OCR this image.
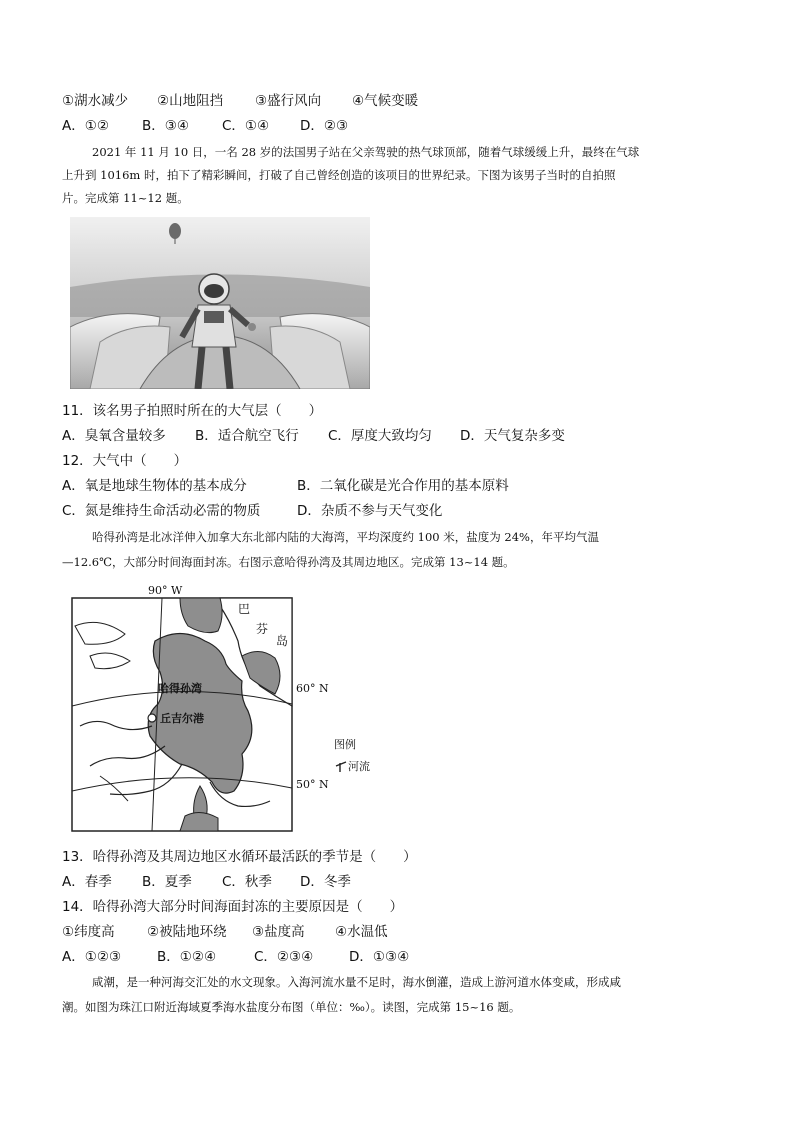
①湖水减少 ②山地阻挡 ③盛行风向 ④气候变暖
A．①② B．③④ C．①④ D．②③
2021 年 11 月 10 日，一名 28 岁的法国男子站在父亲驾驶的热气球顶部，随着气球缓缓上升，最终在气球
上升到 1016m 时，拍下了精彩瞬间，打破了自己曾经创造的该项目的世界纪录。下图为该男子当时的自拍照
片。完成第 11~12 题。
11．该名男子拍照时所在的大气层（　　）
A．臭氧含量较多 B．适合航空飞行 C．厚度大致均匀 D．天气复杂多变
12．大气中（　　）
A．氧是地球生物体的基本成分	B．二氧化碳是光合作用的基本原料
C．氮是维持生命活动必需的物质	D．杂质不参与天气变化
哈得孙湾是北冰洋伸入加拿大东北部内陆的大海湾，平均深度约 100 米，盐度为 24%，年平均气温
—12.6℃，大部分时间海面封冻。右图示意哈得孙湾及其周边地区。完成第 13~14 题。
90° W
60° N
50° N
巴
芬
岛
哈得孙湾
丘吉尔港
图例
河流
13．哈得孙湾及其周边地区水循环最活跃的季节是（　　）
A．春季 B．夏季 C．秋季 D．冬季
14．哈得孙湾大部分时间海面封冻的主要原因是（　　）
①纬度高 ②被陆地环绕 ③盐度高 ④水温低
A．①②③	B．①②④	C．②③④	D．①③④
咸潮，是一种河海交汇处的水文现象。入海河流水量不足时，海水倒灌，造成上游河道水体变咸，形成咸
潮。如图为珠江口附近海域夏季海水盐度分布图（单位：‰）。读图，完成第 15~16 题。
